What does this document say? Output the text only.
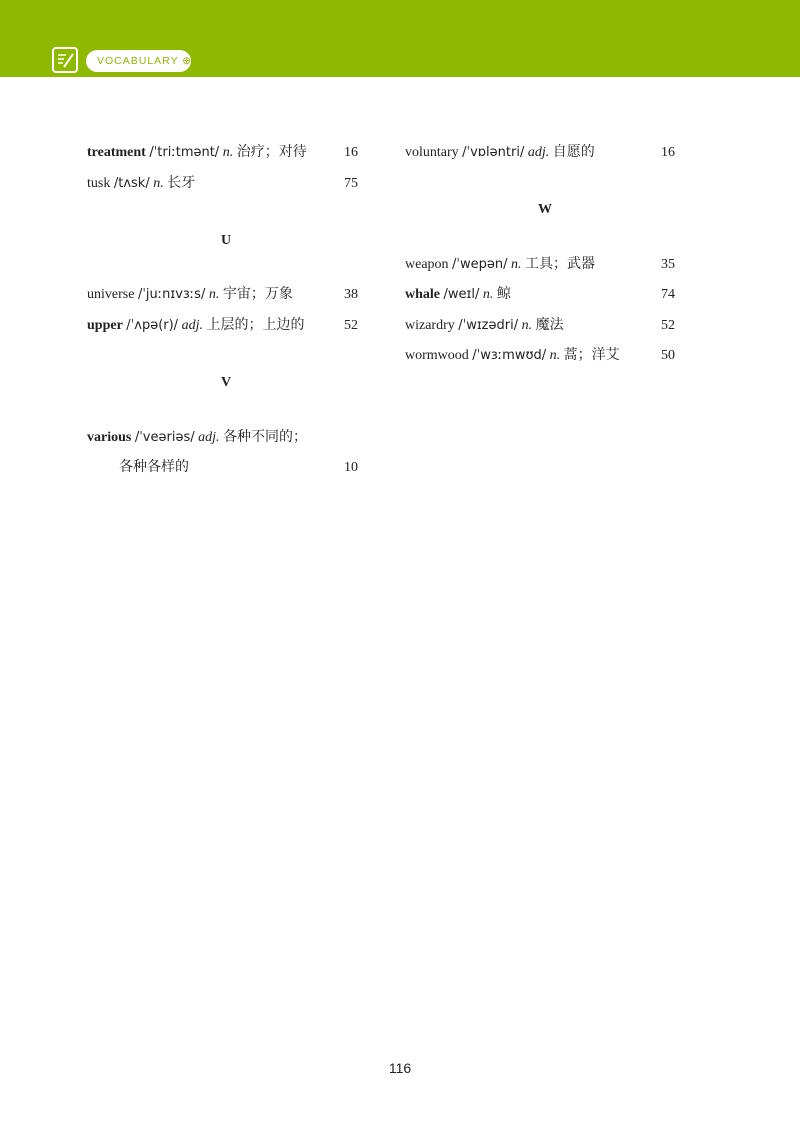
VOCABULARY ⊕
treatment /ˈtriːtmənt/ n. 治疗；对待	16
tusk /tʌsk/ n. 长牙	75
U
universe /ˈjuːnɪvɜːs/ n. 宇宙；万象	38
upper /ˈʌpə(r)/ adj. 上层的；上边的	52
V
various /ˈveəriəs/ adj. 各种不同的；
各种各样的	10
voluntary /ˈvɒləntri/ adj. 自愿的	16
W
weapon /ˈwepən/ n. 工具；武器	35
whale /weɪl/ n. 鲸	74
wizardry /ˈwɪzədri/ n. 魔法	52
wormwood /ˈwɜːmwʊd/ n. 蒿；洋艾	50
116
